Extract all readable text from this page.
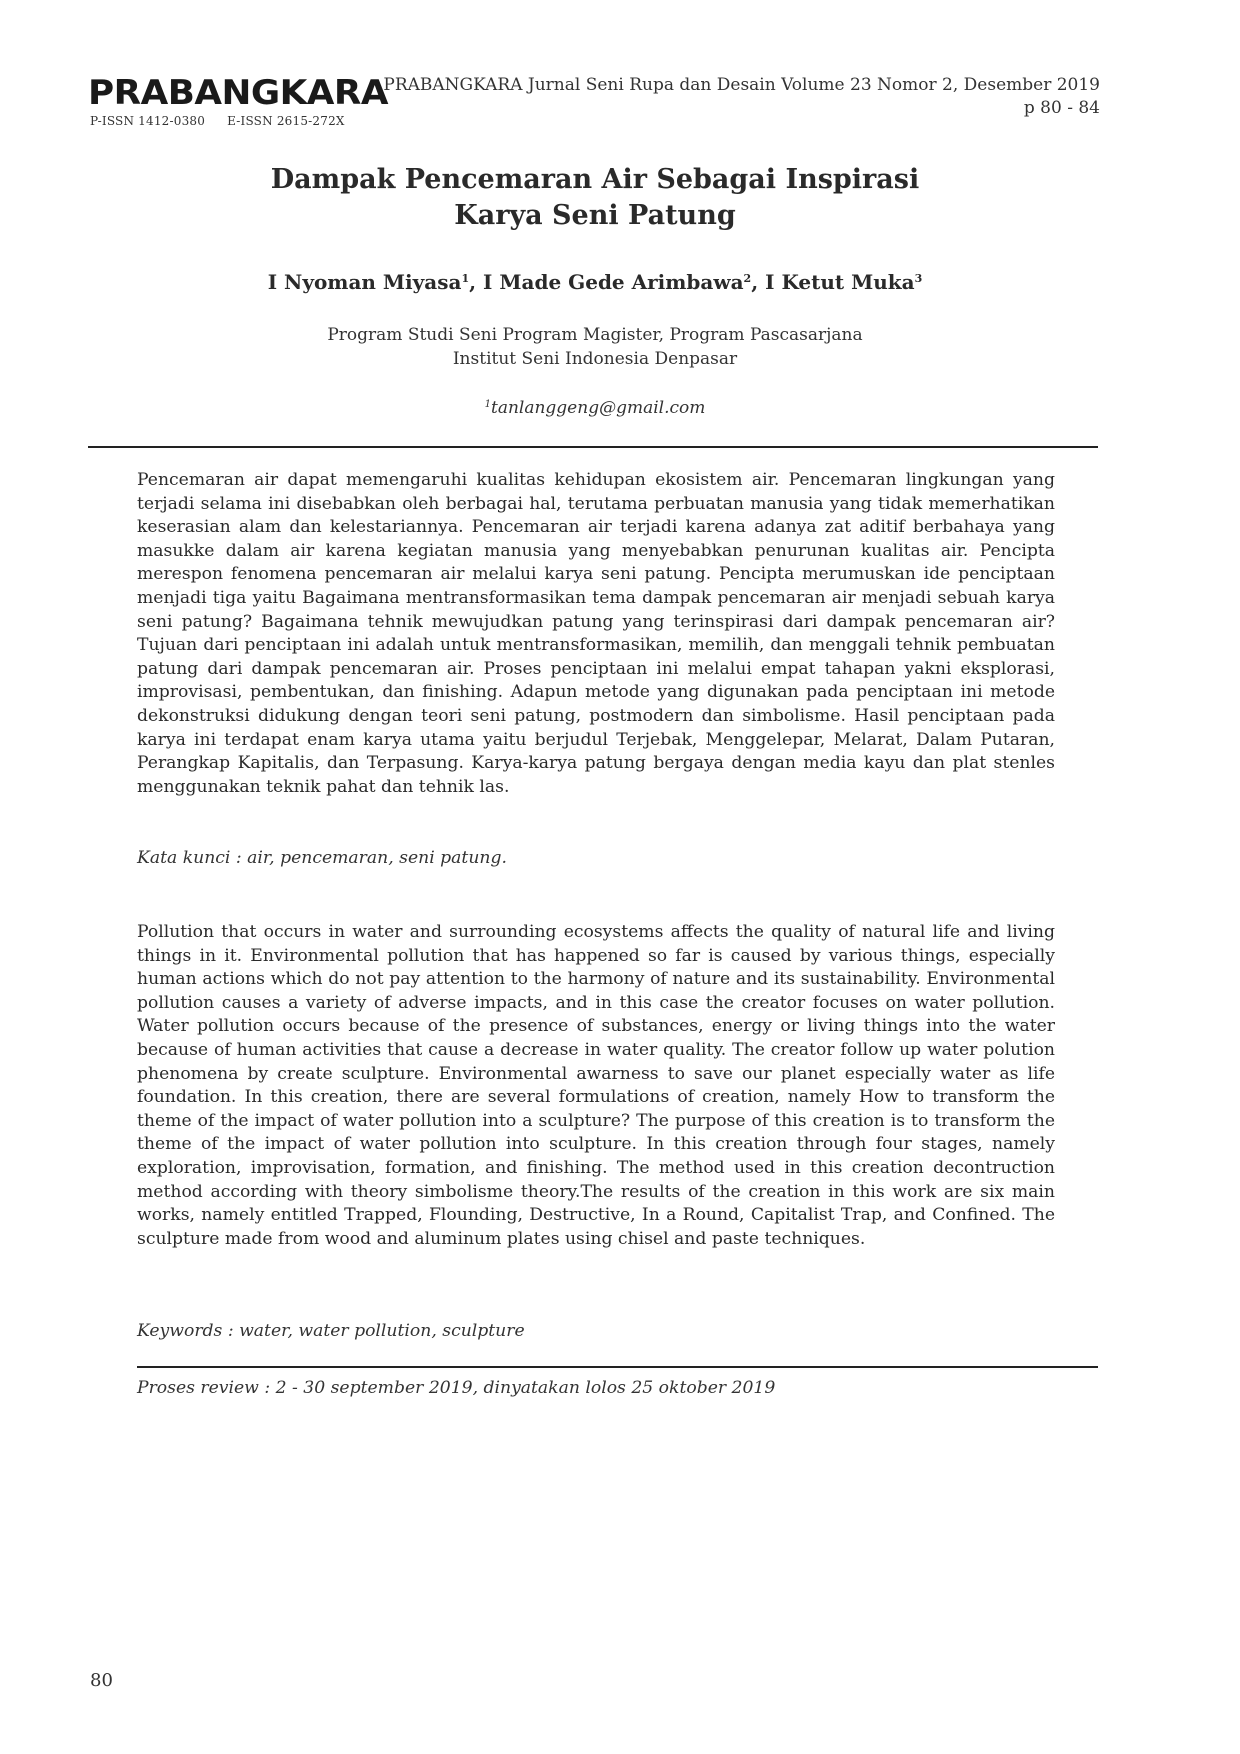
PRABANGKARA
P-ISSN 1412-0380 E-ISSN 2615-272X
PRABANGKARA Jurnal Seni Rupa dan Desain Volume 23 Nomor 2, Desember 2019
p 80 - 84
Dampak Pencemaran Air Sebagai Inspirasi
Karya Seni Patung
I Nyoman Miyasa$^1$, I Made Gede Arimbawa$^2$, I Ketut Muka$^3$
Program Studi Seni Program Magister, Program Pascasarjana
Institut Seni Indonesia Denpasar
$^1$tanlanggeng@gmail.com

Pencemaran air dapat memengaruhi kualitas kehidupan ekosistem air. Pencemaran lingkungan yang terjadi selama ini disebabkan oleh berbagai hal, terutama perbuatan manusia yang tidak memerhatikan keserasian alam dan kelestariannya. Pencemaran air terjadi karena adanya zat aditif berbahaya yang masukke dalam air karena kegiatan manusia yang menyebabkan penurunan kualitas air. Pencipta merespon fenomena pencemaran air melalui karya seni patung. Pencipta merumuskan ide penciptaan menjadi tiga yaitu Bagaimana mentransformasikan tema dampak pencemaran air menjadi sebuah karya seni patung? Bagaimana tehnik mewujudkan patung yang terinspirasi dari dampak pencemaran air? Tujuan dari penciptaan ini adalah untuk mentransformasikan, memilih, dan menggali tehnik pembuatan patung dari dampak pencemaran air. Proses penciptaan ini melalui empat tahapan yakni eksplorasi, improvisasi, pembentukan, dan finishing. Adapun metode yang digunakan pada penciptaan ini metode dekonstruksi didukung dengan teori seni patung, postmodern dan simbolisme. Hasil penciptaan pada karya ini terdapat enam karya utama yaitu berjudul Terjebak, Menggelepar, Melarat, Dalam Putaran, Perangkap Kapitalis, dan Terpasung. Karya-karya patung bergaya dengan media kayu dan plat stenles menggunakan teknik pahat dan tehnik las.

Kata kunci : air, pencemaran, seni patung.

Pollution that occurs in water and surrounding ecosystems affects the quality of natural life and living things in it. Environmental pollution that has happened so far is caused by various things, especially human actions which do not pay attention to the harmony of nature and its sustainability. Environmental pollution causes a variety of adverse impacts, and in this case the creator focuses on water pollution. Water pollution occurs because of the presence of substances, energy or living things into the water because of human activities that cause a decrease in water quality. The creator follow up water polution phenomena by create sculpture. Environmental awarness to save our planet especially water as life foundation. In this creation, there are several formulations of creation, namely How to transform the theme of the impact of water pollution into a sculpture? The purpose of this creation is to transform the theme of the impact of water pollution into sculpture. In this creation through four stages, namely exploration, improvisation, formation, and finishing. The method used in this creation decontruction method according with theory simbolisme theory.The results of the creation in this work are six main works, namely entitled Trapped, Flounding, Destructive, In a Round, Capitalist Trap, and Confined. The sculpture made from wood and aluminum plates using chisel and paste techniques.

Keywords : water, water pollution, sculpture

Proses review : 2 - 30 september 2019, dinyatakan lolos 25 oktober 2019
80
